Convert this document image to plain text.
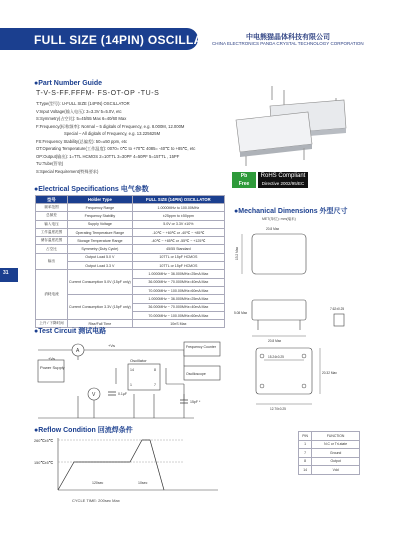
FULL SIZE (14PIN) OSCILLATOR	中电熊猫晶体科技有限公司
CHINA ELECTRONICS PANDA CRYSTAL TECHNOLOGY CORPORATION
31
●Part Number Guide
T-V-S-FF.FFFM- FS-OT-OP -TU-S
T:Type(型号): U-FULL SIZE (14PIN) OSCILLATOR
V:Input Voltage(输入电压): 3=3.3V 5=5.0V, etc
S:Symmetry(占空比): 5=45/55 Max 6=40/60 Max
F:Frequency(标称频率): Normal – 5 digitals of Frequency, e.g. 8.000M, 12.000M
Special – All digitals of Frequency, e.g. 13.225625M
FS:Frequency Stability(总偏差): 50=±50 ppm, etc
OT:Operating Temperature(工作温度): 0070= 0℃ to +70℃ 4085= -40℃ to +85℃, etc
OP:Output(输出): 1=TTL HCMOS 2=10TTL 3=30PF 4=50PF 5=15TTL , 15PF
TU:Tube(管装)
S:Special Requirement(特殊要求)
Pb
Free
RoHS Compliant
Directive 2002/95/EC
●Electrical Specifications 电气参数
型号	Holder Type	FULL SIZE (14PIN) OSCILLATOR
频率范围	Frequency Range	1.0000MHz to 100.00MHz
总频差	Frequency Stability	±25ppm to ±50ppm
输入电压	Supply Voltage	5.0V or 3.3V ±10%
工作温度范围	Operating Temperature Range	-10℃ ~ +60℃ or -40℃ ~ +85℃
储存温度范围	Storage Temperature Range	-40℃ ~ +85℃ or -55℃ ~ +125℃
占空比	Symmetry (Duty Cycle)	45/55 Standard
输出	Output Load 5.0 V	10TTL or 15pF HCMOS
	Output Load 3.3 V	10TTL or 15pF HCMOS
消耗电流	Current Consumption 5.0V (15pF only)	1.0000MHz ~ 36.000MHz=25mA Max
		36.000MHz ~ 70.000MHz=40mA Max
		70.000MHz ~ 100.00MHz=60mA Max
	Current Consumption 3.3V (15pF only)	1.0000MHz ~ 36.000MHz=25mA Max
		36.000MHz ~ 70.000MHz=40mA Max
		70.000MHz ~ 100.00MHz=60mA Max
上升 / 下降时间	Rise/Fall Time	10nS Max
●Test Circuit 测试电路
Power Supply
A
V
+Vs
+Vs	Oscillator
14	8
1	7
Frequency Counter
Oscilloscope
0.1μF
15pF *
●Reflow Condition 回流焊条件
260℃±5℃
150℃±5℃
120sec	10sec
CYCLE TIME: 200sec Max
●Mechanical Dimensions 外型尺寸
MET(单位): mm(毫米)
13.2 Max
20.8 Max
5.08 Max
20.8 Max
15.24±0.25
12.70±0.25
20.32 Max
7.62±0.25
PIN	FUNCTION
1	N.C or Tri-state
7	Ground
8	Output
14	Vdd
